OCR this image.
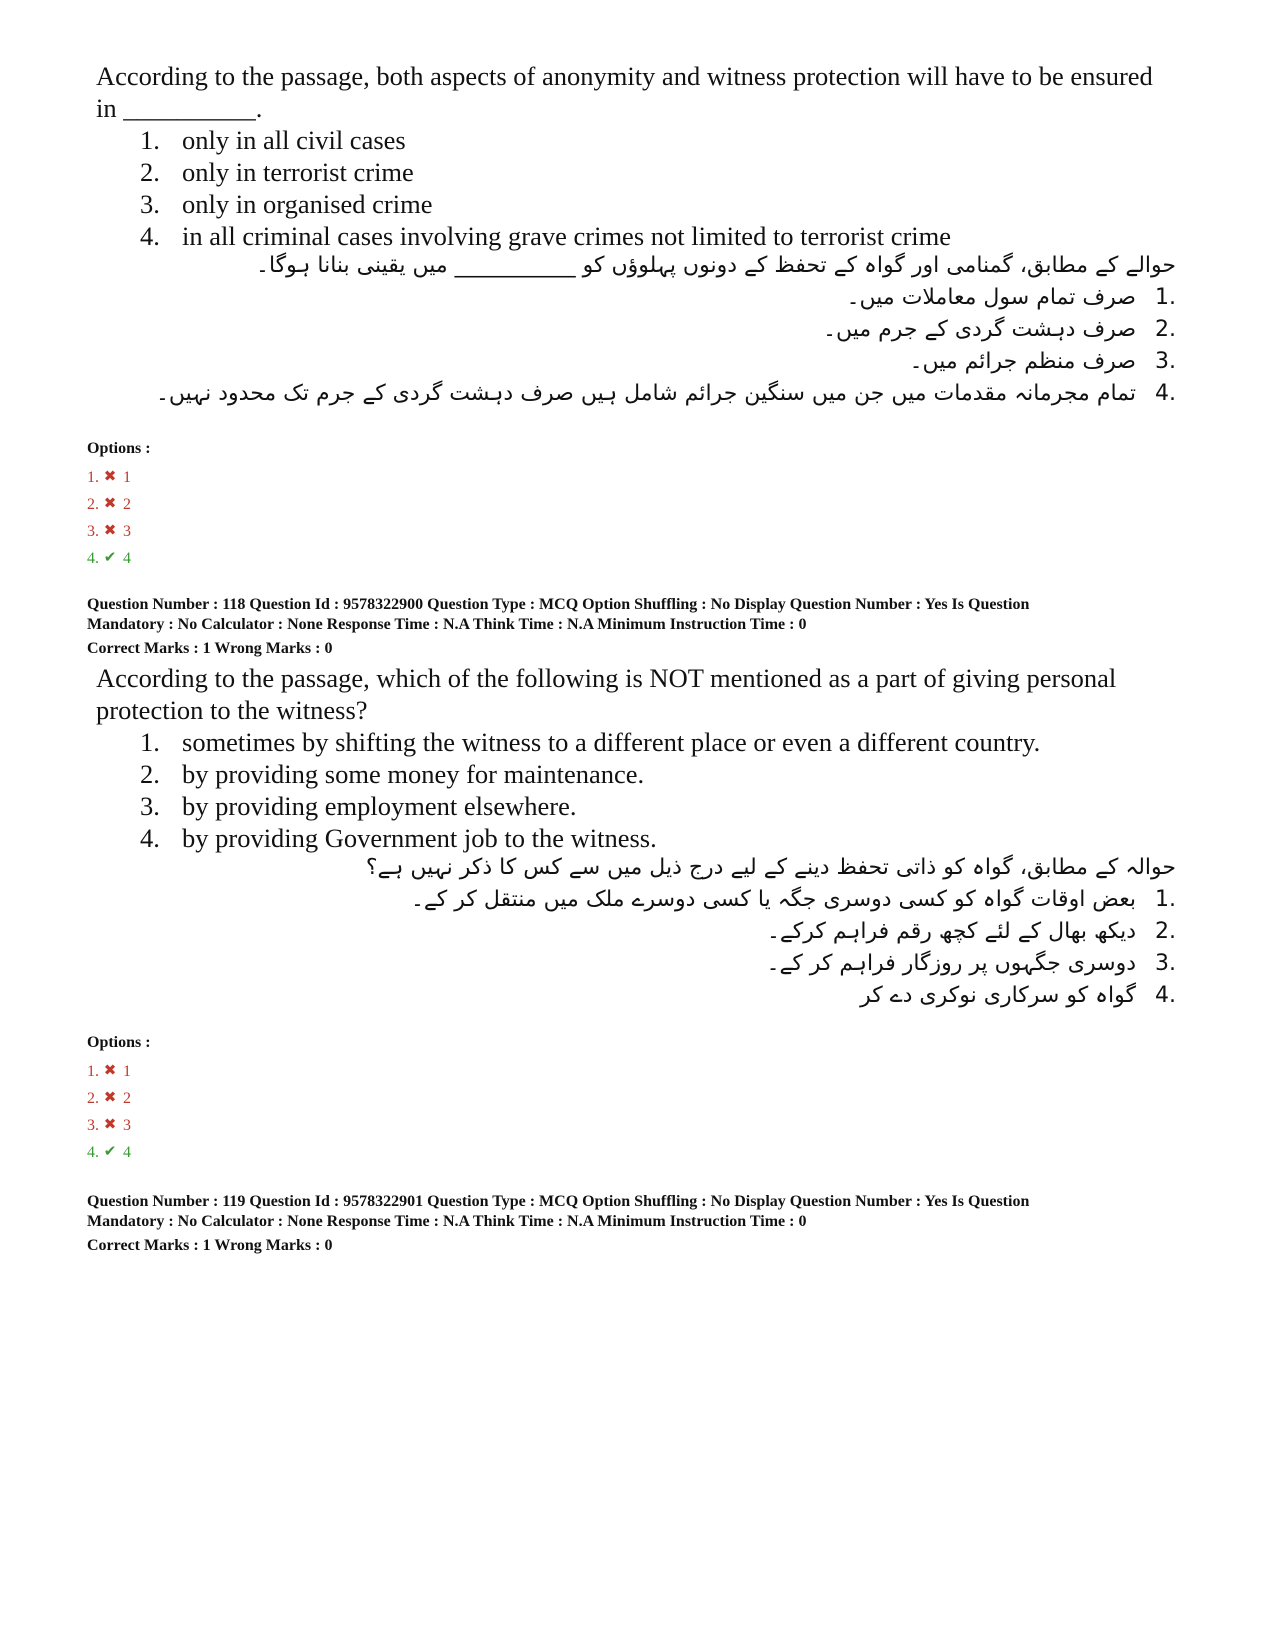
According to the passage, both aspects of anonymity and witness protection will have to be ensured in __________.

1. only in all civil cases
2. only in terrorist crime
3. only in organised crime
4. in all criminal cases involving grave crimes not limited to terrorist crime

حوالے کے مطابق، گمنامی اور گواہ کے تحفظ کے دونوں پہلوؤں کو ___________ میں یقینی بنانا ہوگا۔

1.
صرف تمام سول معاملات میں۔
2.
صرف دہشت گردی کے جرم میں۔
3.
صرف منظم جرائم میں۔
4.
تمام مجرمانہ مقدمات میں جن میں سنگین جرائم شامل ہیں صرف دہشت گردی کے جرم تک محدود نہیں۔

Options :

1. ✖ 1
2. ✖ 2
3. ✖ 3
4. ✔ 4

Question Number : 118 Question Id : 9578322900 Question Type : MCQ Option Shuffling : No Display Question Number : Yes Is Question

Mandatory : No Calculator : None Response Time : N.A Think Time : N.A Minimum Instruction Time : 0

Correct Marks : 1 Wrong Marks : 0

According to the passage, which of the following is NOT mentioned as a part of giving personal protection to the witness?

1. sometimes by shifting the witness to a different place or even a different country.
2. by providing some money for maintenance.
3. by providing employment elsewhere.
4. by providing Government job to the witness.

حوالہ کے مطابق، گواہ کو ذاتی تحفظ دینے کے لیے درج ذیل میں سے کس کا ذکر نہیں ہے؟

1.
بعض اوقات گواہ کو کسی دوسری جگہ یا کسی دوسرے ملک میں منتقل کر کے۔
2.
دیکھ بھال کے لئے کچھ رقم فراہم کرکے۔
3.
دوسری جگہوں پر روزگار فراہم کر کے۔
4.
گواہ کو سرکاری نوکری دے کر

Options :

1. ✖ 1
2. ✖ 2
3. ✖ 3
4. ✔ 4

Question Number : 119 Question Id : 9578322901 Question Type : MCQ Option Shuffling : No Display Question Number : Yes Is Question

Mandatory : No Calculator : None Response Time : N.A Think Time : N.A Minimum Instruction Time : 0

Correct Marks : 1 Wrong Marks : 0
